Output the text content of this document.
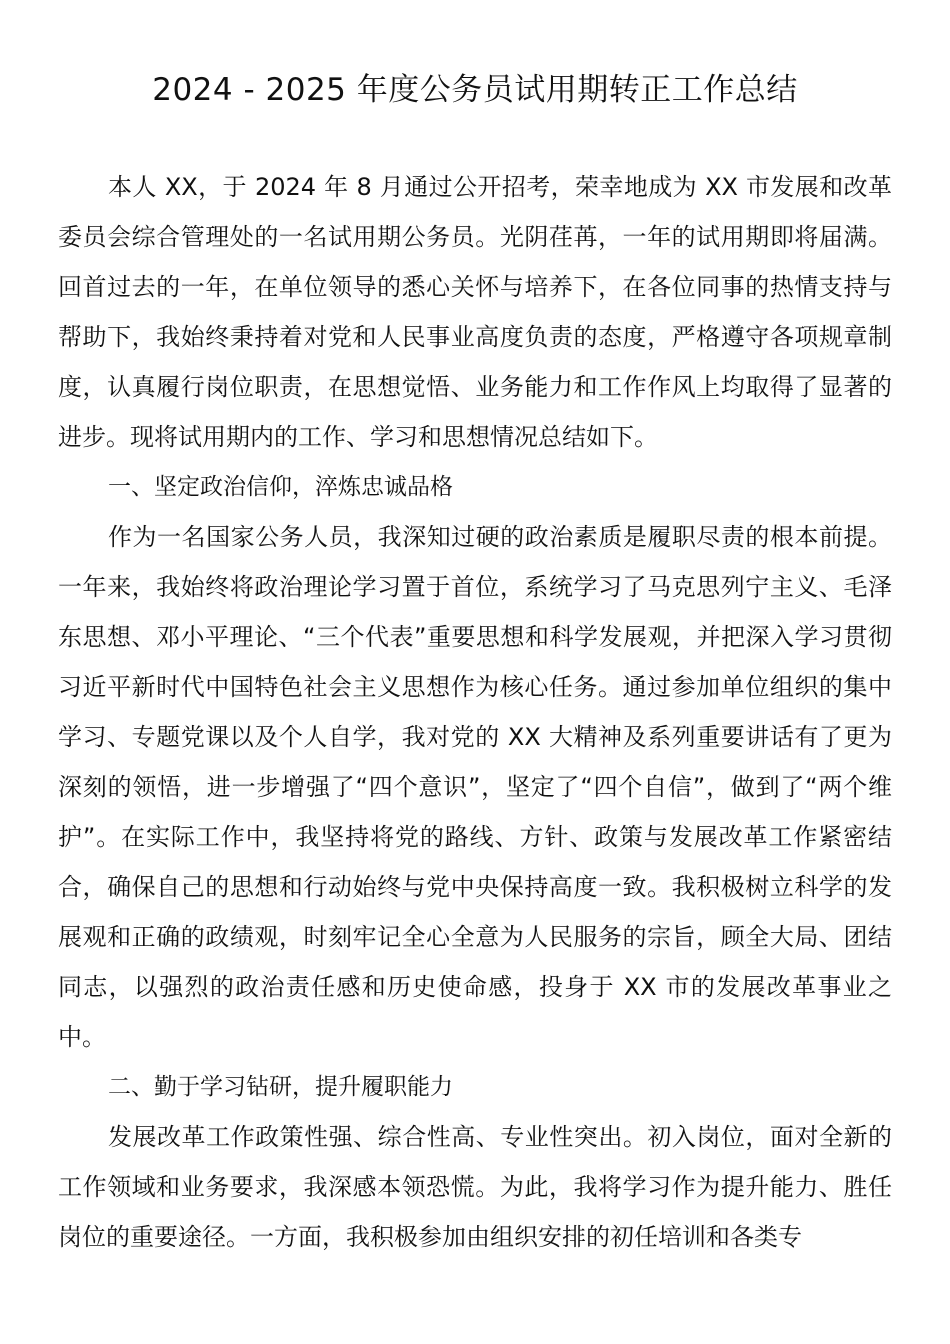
2024 - 2025 年度公务员试用期转正工作总结

本人 XX，于 2024 年 8 月通过公开招考，荣幸地成为 XX 市发展和改革委员会综合管理处的一名试用期公务员。光阴荏苒，一年的试用期即将届满。回首过去的一年，在单位领导的悉心关怀与培养下，在各位同事的热情支持与帮助下，我始终秉持着对党和人民事业高度负责的态度，严格遵守各项规章制度，认真履行岗位职责，在思想觉悟、业务能力和工作作风上均取得了显著的进步。现将试用期内的工作、学习和思想情况总结如下。

一、坚定政治信仰，淬炼忠诚品格

作为一名国家公务人员，我深知过硬的政治素质是履职尽责的根本前提。一年来，我始终将政治理论学习置于首位，系统学习了马克思列宁主义、毛泽东思想、邓小平理论、“三个代表”重要思想和科学发展观，并把深入学习贯彻习近平新时代中国特色社会主义思想作为核心任务。通过参加单位组织的集中学习、专题党课以及个人自学，我对党的 XX 大精神及系列重要讲话有了更为深刻的领悟，进一步增强了“四个意识”，坚定了“四个自信”，做到了“两个维护”。在实际工作中，我坚持将党的路线、方针、政策与发展改革工作紧密结合，确保自己的思想和行动始终与党中央保持高度一致。我积极树立科学的发展观和正确的政绩观，时刻牢记全心全意为人民服务的宗旨，顾全大局、团结同志，以强烈的政治责任感和历史使命感，投身于 XX 市的发展改革事业之中。

二、勤于学习钻研，提升履职能力

发展改革工作政策性强、综合性高、专业性突出。初入岗位，面对全新的工作领域和业务要求，我深感本领恐慌。为此，我将学习作为提升能力、胜任岗位的重要途径。一方面，我积极参加由组织安排的初任培训和各类专
